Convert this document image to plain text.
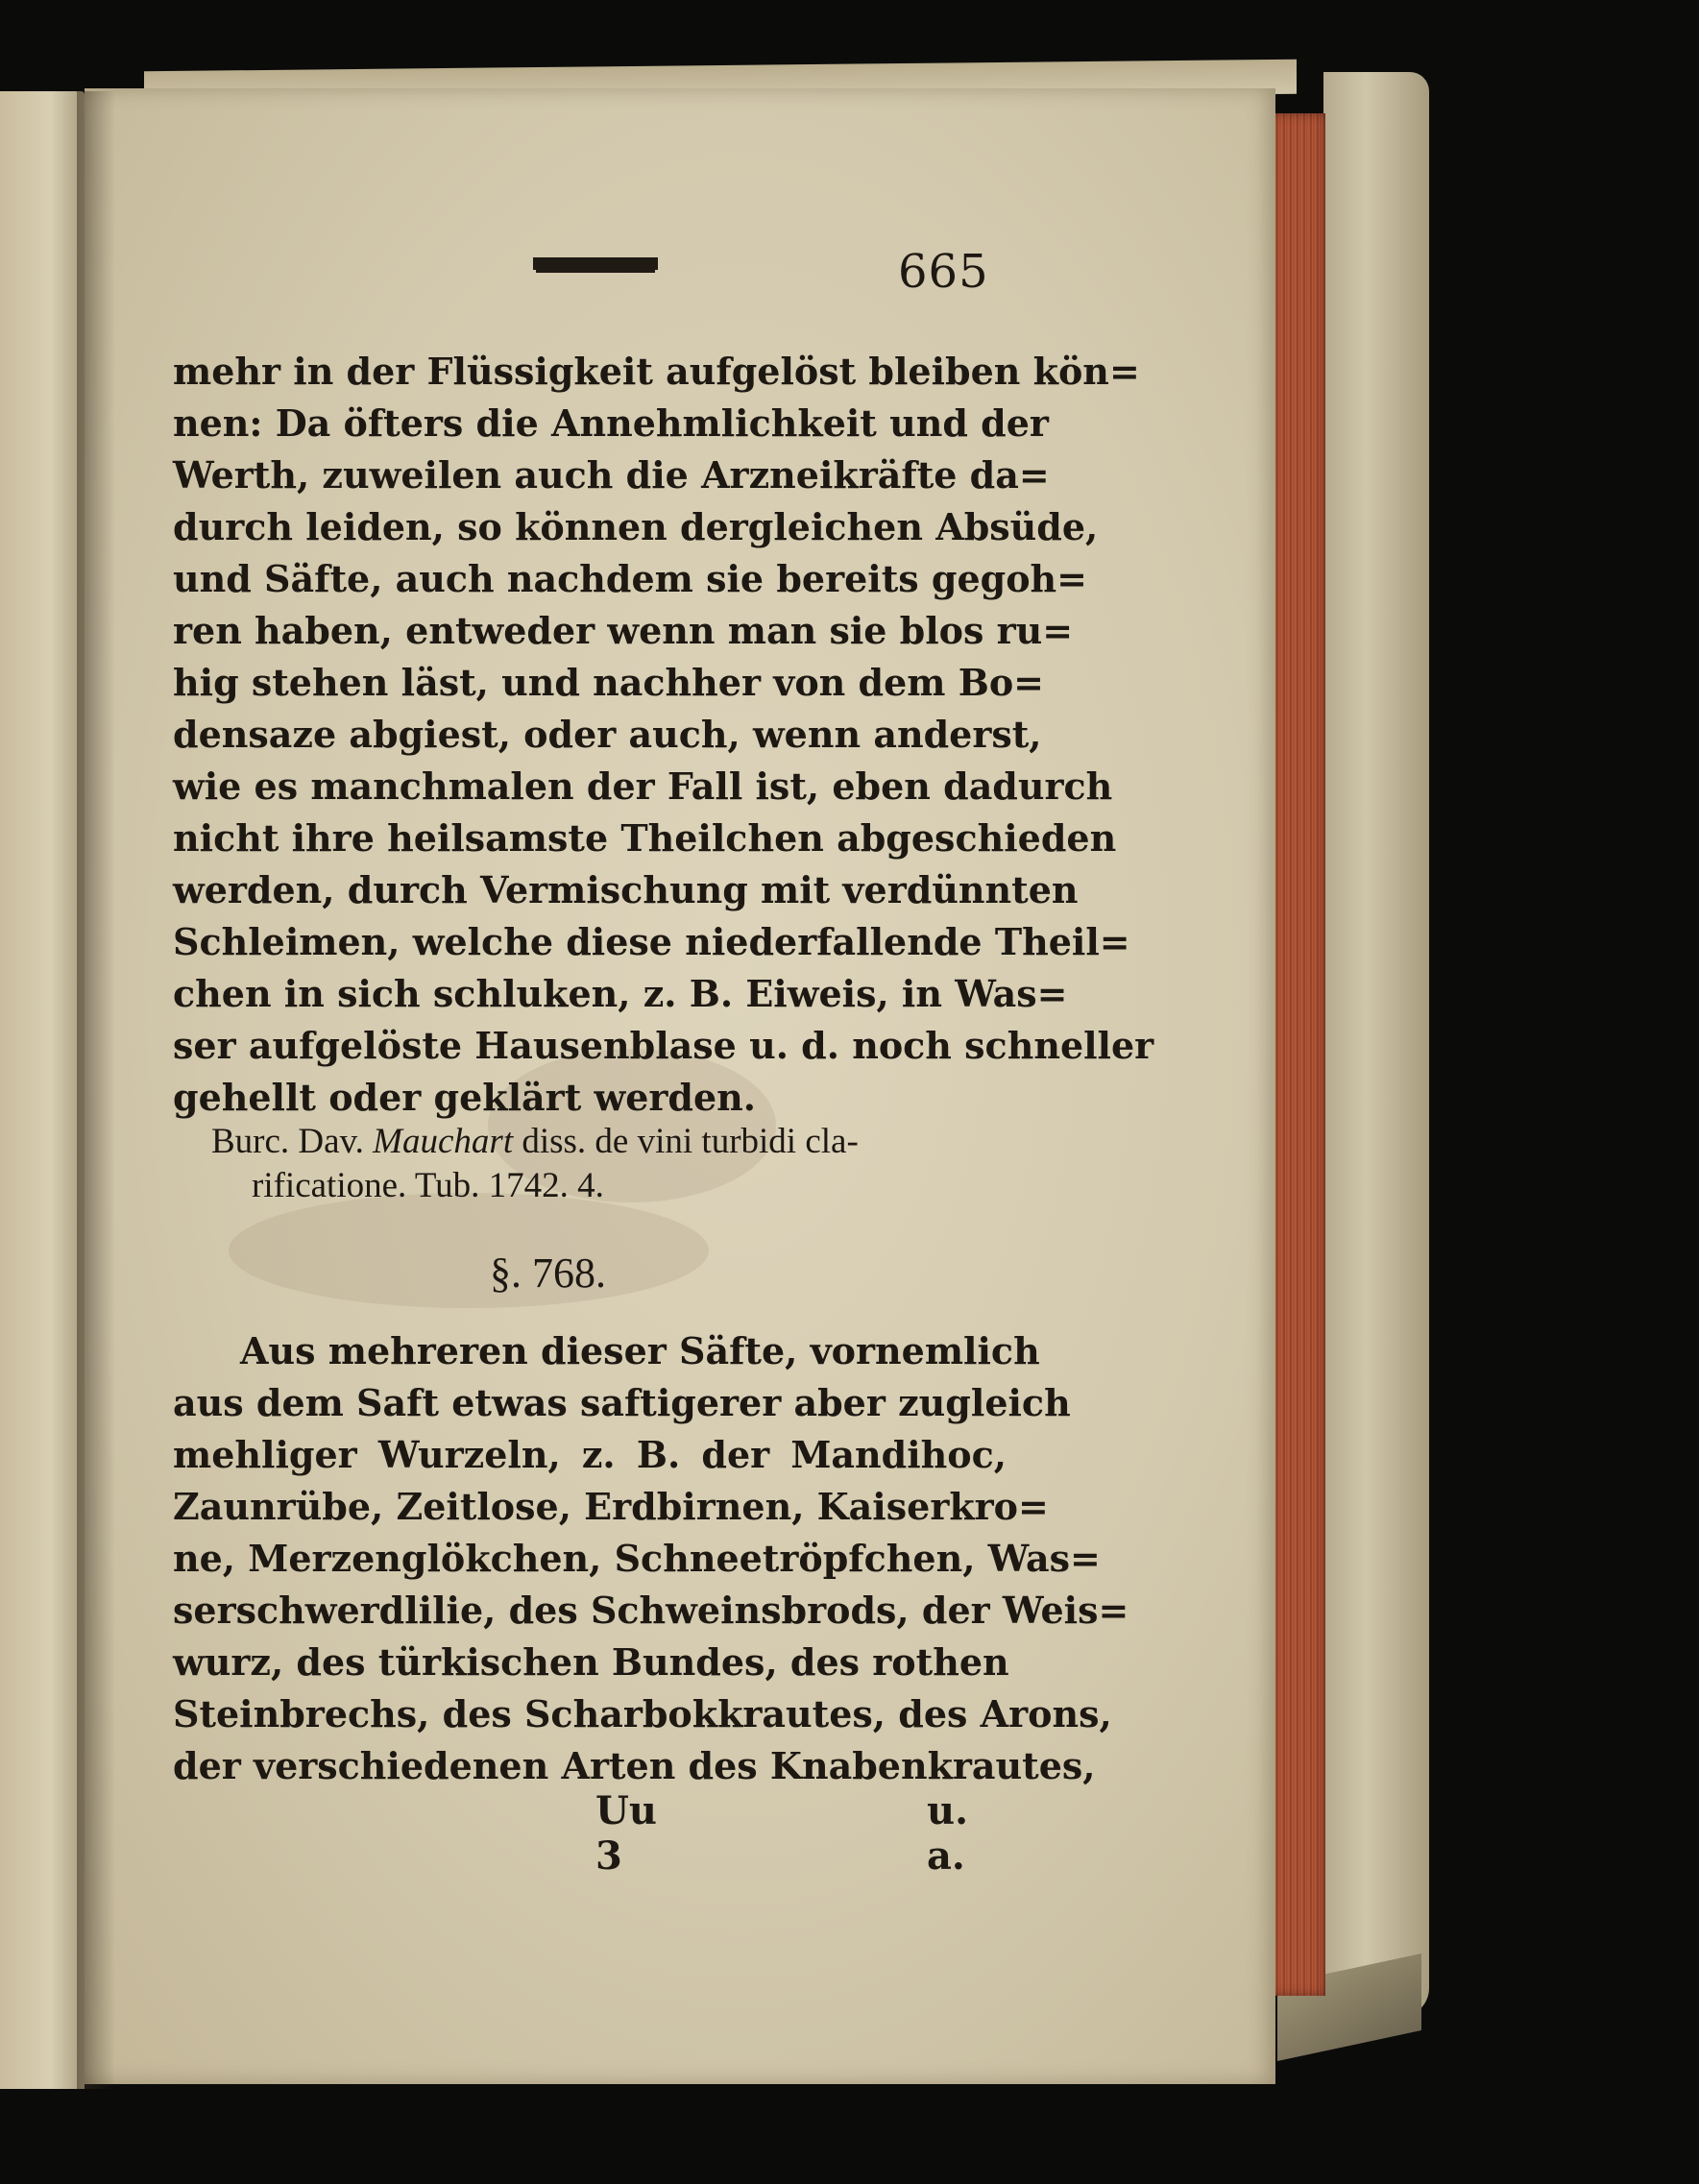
665
mehr in der Flüssigkeit aufgelöst bleiben kön=
nen: Da öfters die Annehmlichkeit und der
Werth, zuweilen auch die Arzneikräfte da=
durch leiden, so können dergleichen Absüde,
und Säfte, auch nachdem sie bereits gegoh=
ren haben, entweder wenn man sie blos ru=
hig stehen läst, und nachher von dem Bo=
densaze abgiest, oder auch, wenn anderst,
wie es manchmalen der Fall ist, eben dadurch
nicht ihre heilsamste Theilchen abgeschieden
werden, durch Vermischung mit verdünnten
Schleimen, welche diese niederfallende Theil=
chen in sich schluken, z. B. Eiweis, in Was=
ser aufgelöste Hausenblase u. d. noch schneller
gehellt oder geklärt werden.
Burc. Dav. Mauchart diss. de vini turbidi cla-
rificatione. Tub. 1742. 4.
§. 768.
Aus mehreren dieser Säfte, vornemlich
aus dem Saft etwas saftigerer aber zugleich
mehliger Wurzeln, z. B. der Mandihoc,
Zaunrübe, Zeitlose, Erdbirnen, Kaiserkro=
ne, Merzenglökchen, Schneetröpfchen, Was=
serschwerdlilie, des Schweinsbrods, der Weis=
wurz, des türkischen Bundes, des rothen
Steinbrechs, des Scharbokkrautes, des Arons,
der verschiedenen Arten des Knabenkrautes,
Uu 3
u. a.
